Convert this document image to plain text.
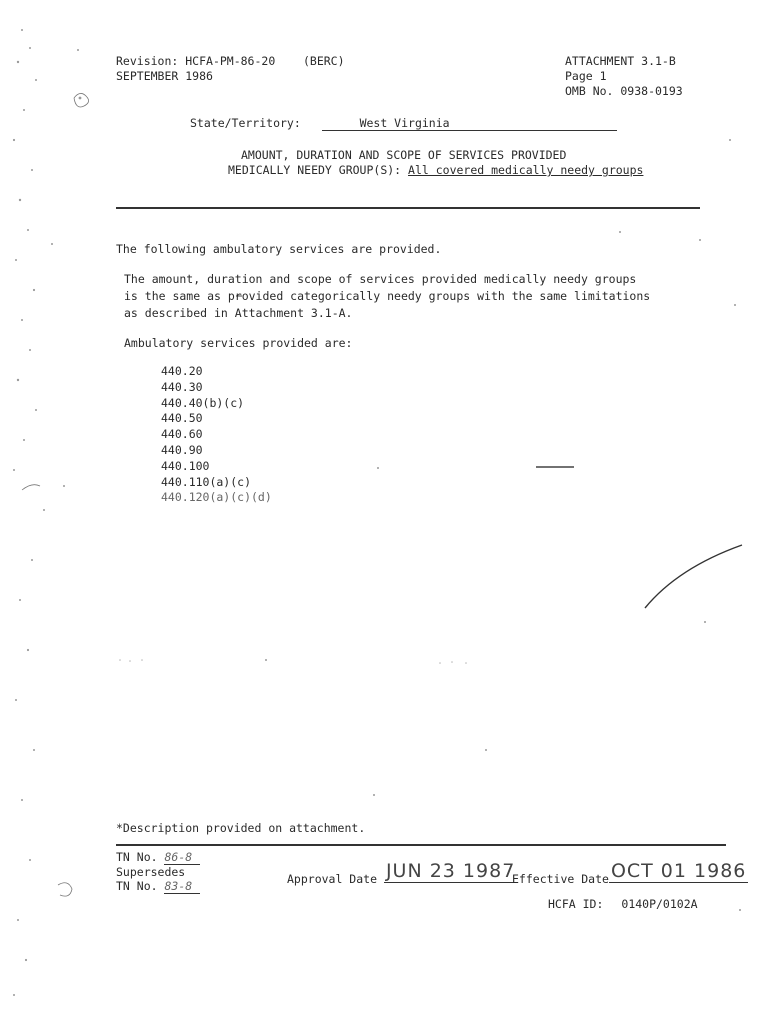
Revision: HCFA-PM-86-20 (BERC)
SEPTEMBER 1986
ATTACHMENT 3.1-B
Page 1
OMB No. 0938-0193
State/Territory:	West Virginia
AMOUNT, DURATION AND SCOPE OF SERVICES PROVIDED
MEDICALLY NEEDY GROUP(S): All covered medically needy groups
The following ambulatory services are provided.
The amount, duration and scope of services provided medically needy groups
is the same as provided categorically needy groups with the same limitations
as described in Attachment 3.1-A.
Ambulatory services provided are:
440.20
440.30
440.40(b)(c)
440.50
440.60
440.90
440.100
440.110(a)(c)
440.120(a)(c)(d)
*Description provided on attachment.
TN No. 86-8
Supersedes
TN No. 83-8	Approval Date JUN 23 1987
Effective Date OCT 01 1986
HCFA ID: 0140P/0102A
